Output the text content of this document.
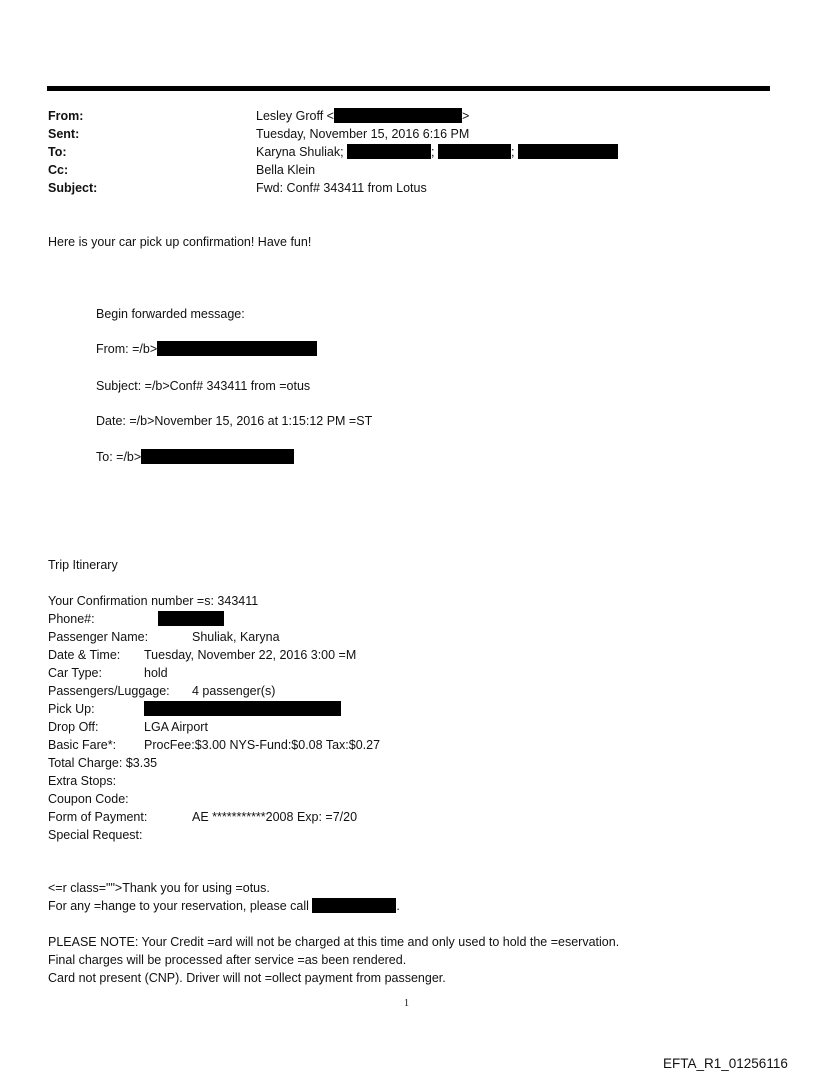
From:	Lesley Groff <	>
Sent:	Tuesday, November 15, 2016 6:16 PM
To:	Karyna Shuliak;	;	;
Cc:	Bella Klein
Subject:	Fwd: Conf# 343411 from Lotus
Here is your car pick up confirmation! Have fun!
Begin forwarded message:
From: =/b>
Subject: =/b>Conf# 343411 from =otus
Date: =/b>November 15, 2016 at 1:15:12 PM =ST
To: =/b>
Trip Itinerary
Your Confirmation number =s: 343411
Phone#:
Passenger Name:	Shuliak, Karyna
Date & Time: Tuesday, November 22, 2016 3:00 =M
Car Type:	hold
Passengers/Luggage: 4 passenger(s)
Pick Up:
Drop Off:	LGA Airport
Basic Fare*: ProcFee:$3.00 NYS-Fund:$0.08 Tax:$0.27
Total Charge: $3.35
Extra Stops:
Coupon Code:
Form of Payment:	AE ***********2008 Exp: =7/20
Special Request:
<=r class="">Thank you for using =otus.
For any =hange to your reservation, please call	.
PLEASE NOTE: Your Credit =ard will not be charged at this time and only used to hold the =eservation.
Final charges will be processed after service =as been rendered.
Card not present (CNP). Driver will not =ollect payment from passenger.
1
EFTA_R1_01256116
